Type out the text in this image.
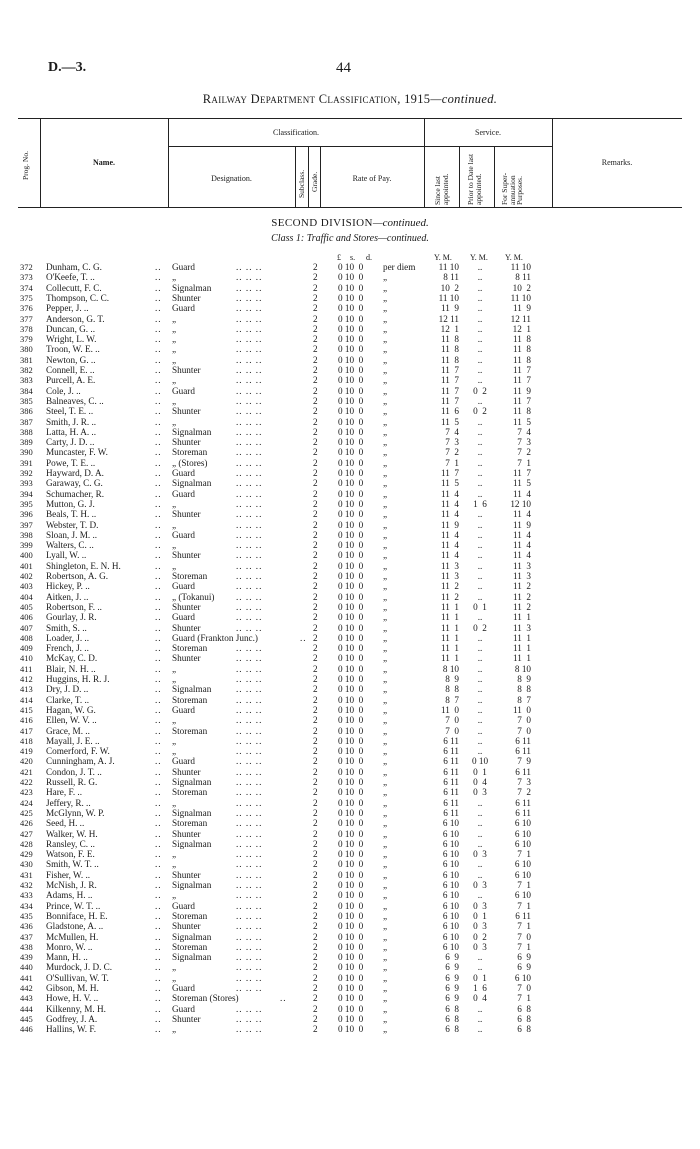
D.—3.	44
Railway Department Classification, 1915—continued.
Prog. No.	Name.
Classification.
Designation.	Subclass. Grade.	Rate of Pay.
Service.
Since last appointed. Prior to Date last appointed. For Super-annuation Purposes.
Remarks.
SECOND DIVISION—continued.
Class 1: Traffic and Stores—continued.
£ s. d.	Y. M. Y. M. Y. M.
..	.. .. ..
372 Dunham, C. G.	Guard	2 0 10  0 per diem	11 10	..	11 10
..	.. .. ..
373 O'Keefe, T. ..	„	2 0 10  0 „	8 11	..	8 11
..	.. .. ..
374 Collecutt, F. C.	Signalman	2 0 10  0 „	10  2	..	10  2
..	.. .. ..
375 Thompson, C. C.	Shunter	2 0 10  0 „	11 10	..	11 10
..	.. .. ..
376 Pepper, J. ..	Guard	2 0 10  0 „	11  9	..	11  9
..	.. .. ..
377 Anderson, G. T.	„	2 0 10  0 „	12 11	..	12 11
..	.. .. ..
378 Duncan, G. ..	„	2 0 10  0 „	12  1	..	12  1
..	.. .. ..
379 Wright, L. W.	„	2 0 10  0 „	11  8	..	11  8
..	.. .. ..
380 Troon, W. E. ..	„	2 0 10  0 „	11  8	..	11  8
..	.. .. ..
381 Newton, G. ..	„	2 0 10  0 „	11  8	..	11  8
..	.. .. ..
382 Connell, E. ..	Shunter	2 0 10  0 „	11  7	..	11  7
..	.. .. ..
383 Purcell, A. E.	„	2 0 10  0 „	11  7	..	11  7
..	.. .. ..
384 Cole, J. ..	Guard	2 0 10  0 „	11  7	0  2	11  9
..	.. .. ..
385 Balneaves, C. ..	„	2 0 10  0 „	11  7	..	11  7
..	.. .. ..
386 Steel, T. E. ..	Shunter	2 0 10  0 „	11  6	0  2	11  8
..	.. .. ..
387 Smith, J. R. ..	„	2 0 10  0 „	11  5	..	11  5
..	.. .. ..
388 Latta, H. A. ..	Signalman	2 0 10  0 „	7  4	..	7  4
..	.. .. ..
389 Carty, J. D. ..	Shunter	2 0 10  0 „	7  3	..	7  3
..	.. .. ..
390 Muncaster, F. W.	Storeman	2 0 10  0 „	7  2	..	7  2
..	.. .. ..
391 Powe, T. E. ..	„ (Stores)	2 0 10  0 „	7  1	..	7  1
..	.. .. ..
392 Hayward, D. A.	Guard	2 0 10  0 „	11  7	..	11  7
..	.. .. ..
393 Garaway, C. G.	Signalman	2 0 10  0 „	11  5	..	11  5
..	.. .. ..
394 Schumacher, R.	Guard	2 0 10  0 „	11  4	..	11  4
..	.. .. ..
395 Mutton, G. J.	„	2 0 10  0 „	11  4	1  6	12 10
..	.. .. ..
396 Beals, T. H. ..	Shunter	2 0 10  0 „	11  4	..	11  4
..	.. .. ..
397 Webster, T. D.	„	2 0 10  0 „	11  9	..	11  9
..	.. .. ..
398 Sloan, J. M. ..	Guard	2 0 10  0 „	11  4	..	11  4
..	.. .. ..
399 Walters, C. ..	„	2 0 10  0 „	11  4	..	11  4
..	.. .. ..
400 Lyall, W. ..	Shunter	2 0 10  0 „	11  4	..	11  4
..	.. .. ..
401 Shingleton, E. N. H.	„	2 0 10  0 „	11  3	..	11  3
..	.. .. ..
402 Robertson, A. G.	Storeman	2 0 10  0 „	11  3	..	11  3
..	.. .. ..
403 Hickey, P. ..	Guard	2 0 10  0 „	11  2	..	11  2
..	.. .. ..
404 Aitken, J. ..	„ (Tokanui)	2 0 10  0 „	11  2	..	11  2
..	.. .. ..
405 Robertson, F. ..	Shunter	2 0 10  0 „	11  1	0  1	11  2
..	.. .. ..
406 Gourlay, J. R.	Guard	2 0 10  0 „	11  1	..	11  1
..	.. .. ..
407 Smith, S. ..	Shunter	2 0 10  0 „	11  1	0  2	11  3
..	..
408 Loader, J. ..	Guard (Frankton Junc.)	2 0 10  0 „	11  1	..	11  1
..	.. .. ..
409 French, J. ..	Storeman	2 0 10  0 „	11  1	..	11  1
..	.. .. ..
410 McKay, C. D.	Shunter	2 0 10  0 „	11  1	..	11  1
..	.. .. ..
411 Blair, N. H. ..	„	2 0 10  0 „	8 10	..	8 10
..	.. .. ..
412 Huggins, H. R. J.	„	2 0 10  0 „	8  9	..	8  9
..	.. .. ..
413 Dry, J. D. ..	Signalman	2 0 10  0 „	8  8	..	8  8
..	.. .. ..
414 Clarke, T. ..	Storeman	2 0 10  0 „	8  7	..	8  7
..	.. .. ..
415 Hagan, W. G.	Guard	2 0 10  0 „	11  0	..	11  0
..	.. .. ..
416 Ellen, W. V. ..	„	2 0 10  0 „	7  0	..	7  0
..	.. .. ..
417 Grace, M. ..	Storeman	2 0 10  0 „	7  0	..	7  0
..	.. .. ..
418 Mayall, J. E. ..	„	2 0 10  0 „	6 11	..	6 11
..	.. .. ..
419 Comerford, F. W.	„	2 0 10  0 „	6 11	..	6 11
..	.. .. ..
420 Cunningham, A. J.	Guard	2 0 10  0 „	6 11	0 10	7  9
..	.. .. ..
421 Condon, J. T. ..	Shunter	2 0 10  0 „	6 11	0  1	6 11
..	.. .. ..
422 Russell, R. G.	Signalman	2 0 10  0 „	6 11	0  4	7  3
..	.. .. ..
423 Hare, F. ..	Storeman	2 0 10  0 „	6 11	0  3	7  2
..	.. .. ..
424 Jeffery, R. ..	„	2 0 10  0 „	6 11	..	6 11
..	.. .. ..
425 McGlynn, W. P.	Signalman	2 0 10  0 „	6 11	..	6 11
..	.. .. ..
426 Seed, H. ..	Storeman	2 0 10  0 „	6 10	..	6 10
..	.. .. ..
427 Walker, W. H.	Shunter	2 0 10  0 „	6 10	..	6 10
..	.. .. ..
428 Ransley, C. ..	Signalman	2 0 10  0 „	6 10	..	6 10
..	.. .. ..
429 Watson, F. E.	„	2 0 10  0 „	6 10	0  3	7  1
..	.. .. ..
430 Smith, W. T. ..	„	2 0 10  0 „	6 10	..	6 10
..	.. .. ..
431 Fisher, W. ..	Shunter	2 0 10  0 „	6 10	..	6 10
..	.. .. ..
432 McNish, J. R.	Signalman	2 0 10  0 „	6 10	0  3	7  1
..	.. .. ..
433 Adams, H. ..	„	2 0 10  0 „	6 10	..	6 10
..	.. .. ..
434 Prince, W. T. ..	Guard	2 0 10  0 „	6 10	0  3	7  1
..	.. .. ..
435 Bonniface, H. E.	Storeman	2 0 10  0 „	6 10	0  1	6 11
..	.. .. ..
436 Gladstone, A. ..	Shunter	2 0 10  0 „	6 10	0  3	7  1
..	.. .. ..
437 McMullen, H.	Signalman	2 0 10  0 „	6 10	0  2	7  0
..	.. .. ..
438 Monro, W. ..	Storeman	2 0 10  0 „	6 10	0  3	7  1
..	.. .. ..
439 Mann, H. ..	Signalman	2 0 10  0 „	6  9	..	6  9
..	.. .. ..
440 Murdock, J. D. C.	„	2 0 10  0 „	6  9	..	6  9
..	.. .. ..
441 O'Sullivan, W. T.	„	2 0 10  0 „	6  9	0  1	6 10
..	.. .. ..
442 Gibson, M. H.	Guard	2 0 10  0 „	6  9	1  6	7  0
..	..
443 Howe, H. V. ..	Storeman (Stores)	2 0 10  0 „	6  9	0  4	7  1
..	.. .. ..
444 Kilkenny, M. H.	Guard	2 0 10  0 „	6  8	..	6  8
..	.. .. ..
445 Godfrey, J. A.	Shunter	2 0 10  0 „	6  8	..	6  8
..	.. .. ..
446 Hallins, W. F.	„	2 0 10  0 „	6  8	..	6  8
